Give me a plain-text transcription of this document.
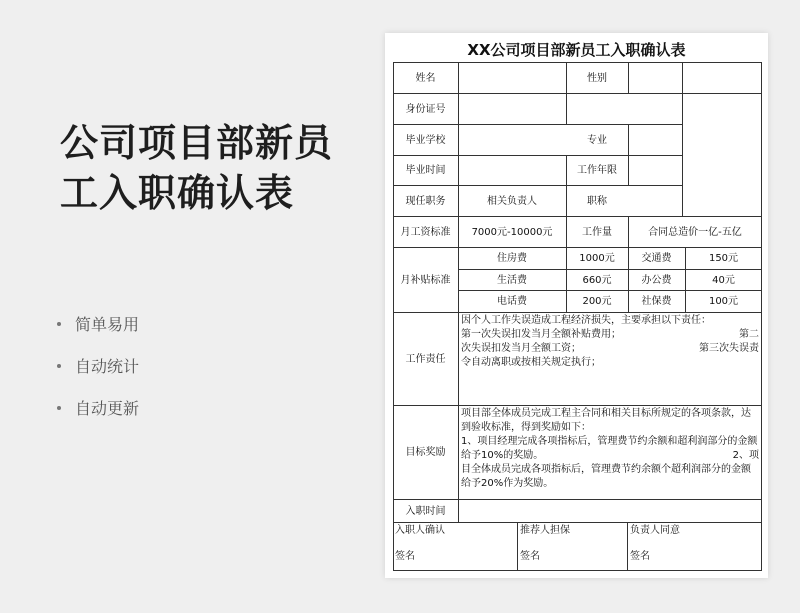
公司项目部新员工入职确认表
简单易用
自动统计
自动更新
XX公司项目部新员工入职确认表
姓名	性别
身份证号
毕业学校	专业
毕业时间	工作年限
现任职务	相关负责人	职称
月工资标准	7000元-10000元	工作量	合同总造价一亿-五亿
月补贴标准
住房费	1000元	交通费	150元
生活费	660元	办公费	40元
电话费	200元	社保费	100元
工作责任
因个人工作失误造成工程经济损失，主要承担以下责任：
第一次失误扣发当月全额补贴费用；	第二
次失误扣发当月全额工资；	第三次失误责
令自动离职或按相关规定执行；
目标奖励
项目部全体成员完成工程主合同和相关目标所规定的各项条款，达
到验收标准，得到奖励如下：
1、项目经理完成各项指标后，管理费节约余额和超利润部分的金额
给予10%的奖励。	2、项
目全体成员完成各项指标后，管理费节约余额个超利润部分的金额
给予20%作为奖励。
入职时间
入职人确认
签名
推荐人担保
签名
负责人同意
签名
